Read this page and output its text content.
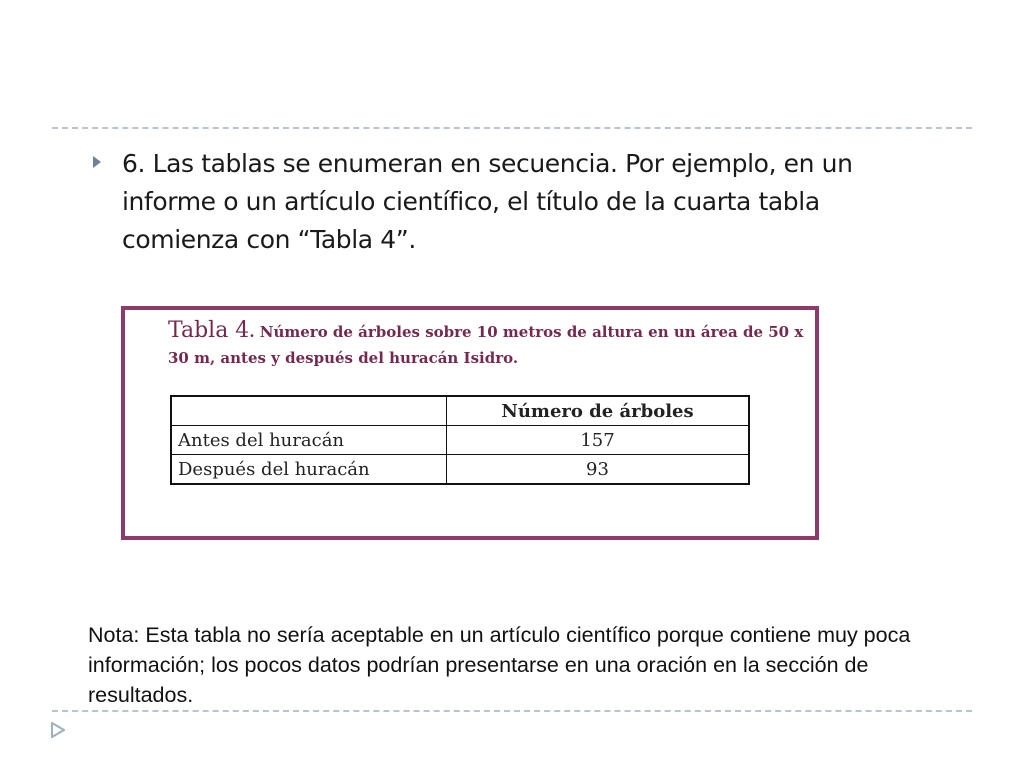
6. Las tablas se enumeran en secuencia. Por ejemplo, en un informe o un artículo científico, el título de la cuarta tabla comienza con “Tabla 4”.

Tabla 4. Número de árboles sobre 10 metros de altura en un área de 50 x 30 m, antes y después del huracán Isidro.

	Número de árboles
Antes del huracán	157
Después del huracán	93

Nota: Esta tabla no sería aceptable en un artículo científico porque contiene muy poca información; los pocos datos podrían presentarse en una oración en la sección de resultados.
